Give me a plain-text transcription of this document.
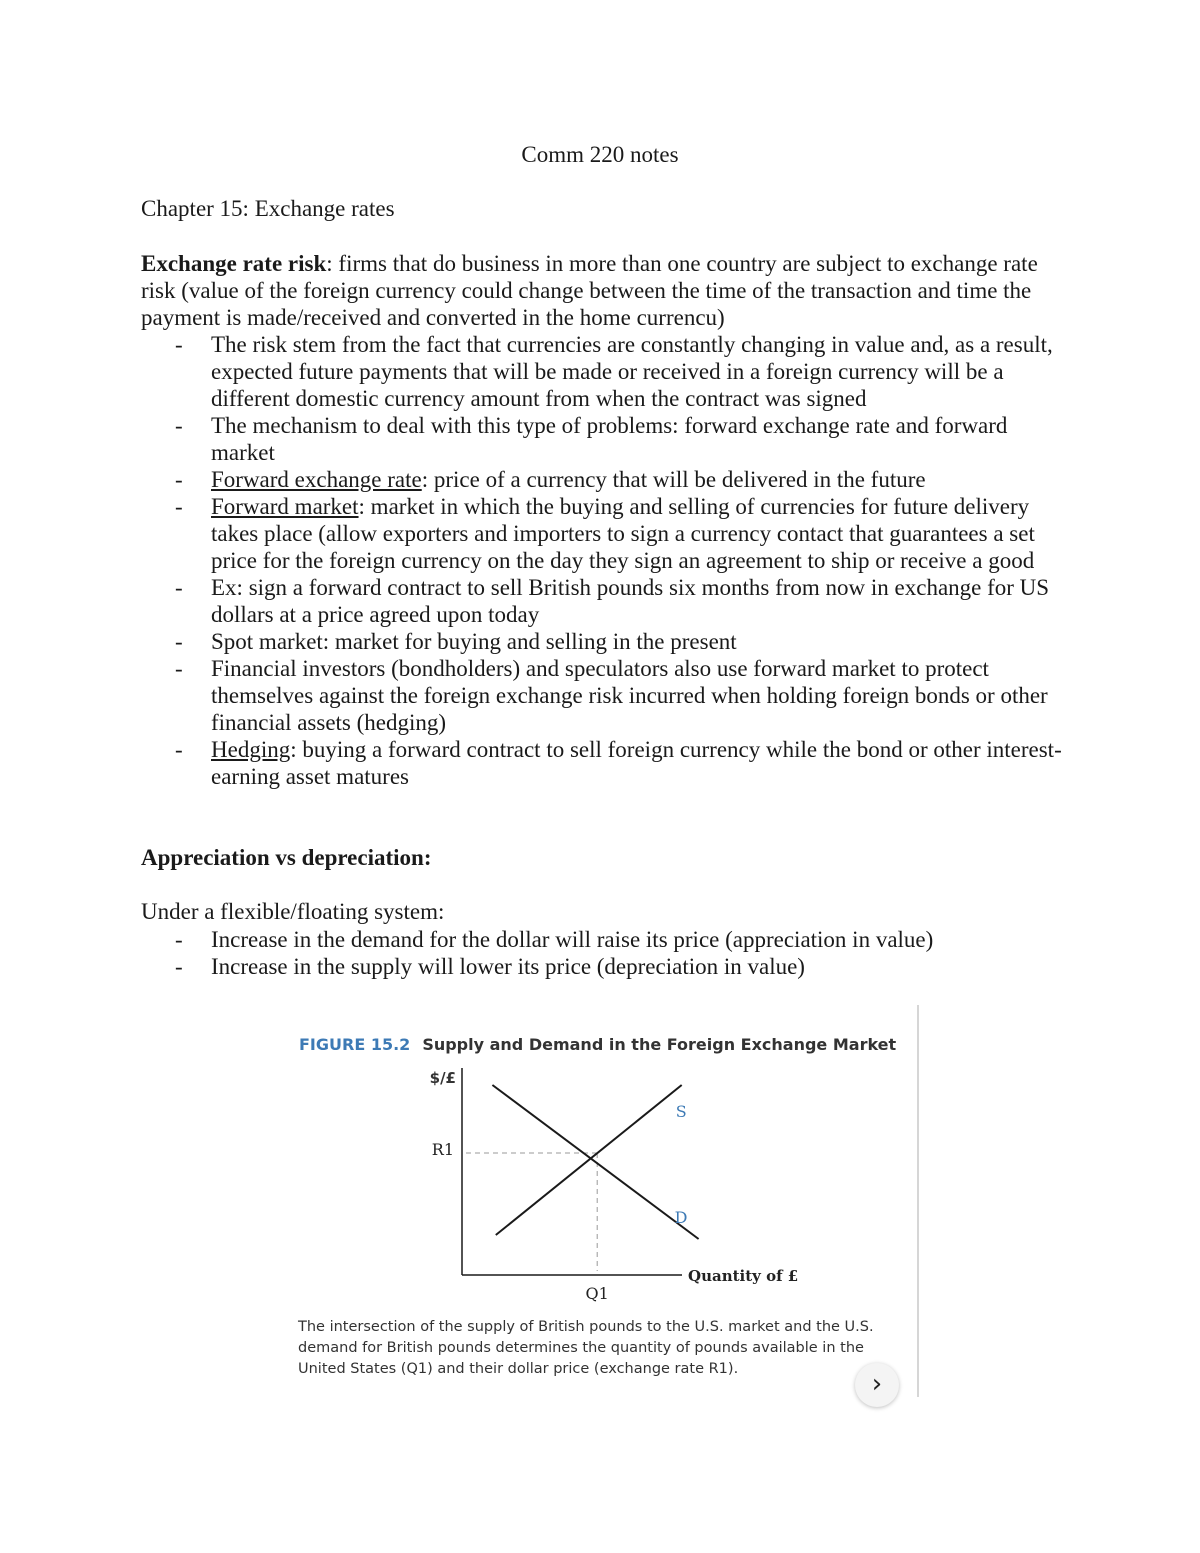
Comm 220 notes
Chapter 15: Exchange rates
Exchange rate risk: firms that do business in more than one country are subject to exchange rate risk (value of the foreign currency could change between the time of the transaction and time the payment is made/received and converted in the home currencu)
- The risk stem from the fact that currencies are constantly changing in value and, as a result, expected future payments that will be made or received in a foreign currency will be a different domestic currency amount from when the contract was signed
- The mechanism to deal with this type of problems: forward exchange rate and forward market
- Forward exchange rate: price of a currency that will be delivered in the future
- Forward market: market in which the buying and selling of currencies for future delivery takes place (allow exporters and importers to sign a currency contact that guarantees a set price for the foreign currency on the day they sign an agreement to ship or receive a good
- Ex: sign a forward contract to sell British pounds six months from now in exchange for US dollars at a price agreed upon today
- Spot market: market for buying and selling in the present
- Financial investors (bondholders) and speculators also use forward market to protect themselves against the foreign exchange risk incurred when holding foreign bonds or other financial assets (hedging)
- Hedging: buying a forward contract to sell foreign currency while the bond or other interest-earning asset matures
Appreciation vs depreciation:
Under a flexible/floating system:
- Increase in the demand for the dollar will raise its price (appreciation in value)
- Increase in the supply will lower its price (depreciation in value)
FIGURE 15.2 Supply and Demand in the Foreign Exchange Market
$/£
Quantity of £
S
D
R1
Q1
The intersection of the supply of British pounds to the U.S. market and the U.S. demand for British pounds determines the quantity of pounds available in the United States (Q1) and their dollar price (exchange rate R1).	›
